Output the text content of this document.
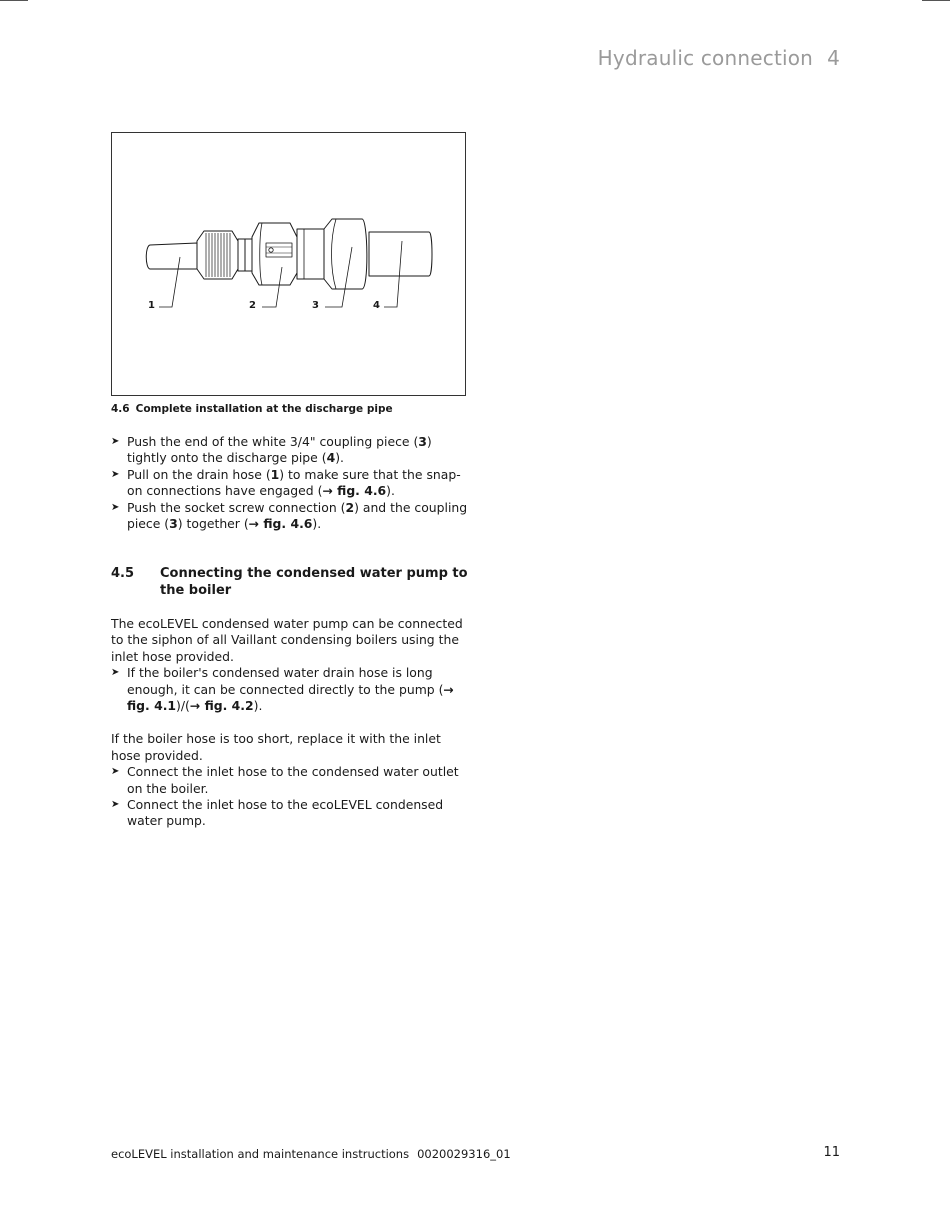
Hydraulic connection 4
1	2	3	4
4.6 Complete installation at the discharge pipe
➤ Push the end of the white 3/4" coupling piece (3) tightly onto the discharge pipe (4).
➤ Pull on the drain hose (1) to make sure that the snap-on connections have engaged (→ fig. 4.6).
➤ Push the socket screw connection (2) and the coupling piece (3) together (→ fig. 4.6).
4.5	Connecting the condensed water pump to the boiler

The ecoLEVEL condensed water pump can be connected to the siphon of all Vaillant condensing boilers using the inlet hose provided.

➤ If the boiler's condensed water drain hose is long enough, it can be connected directly to the pump (→ fig. 4.1)/(→ fig. 4.2).

If the boiler hose is too short, replace it with the inlet hose provided.

➤ Connect the inlet hose to the condensed water outlet on the boiler.
➤ Connect the inlet hose to the ecoLEVEL condensed water pump.
ecoLEVEL installation and maintenance instructions 0020029316_01	11
